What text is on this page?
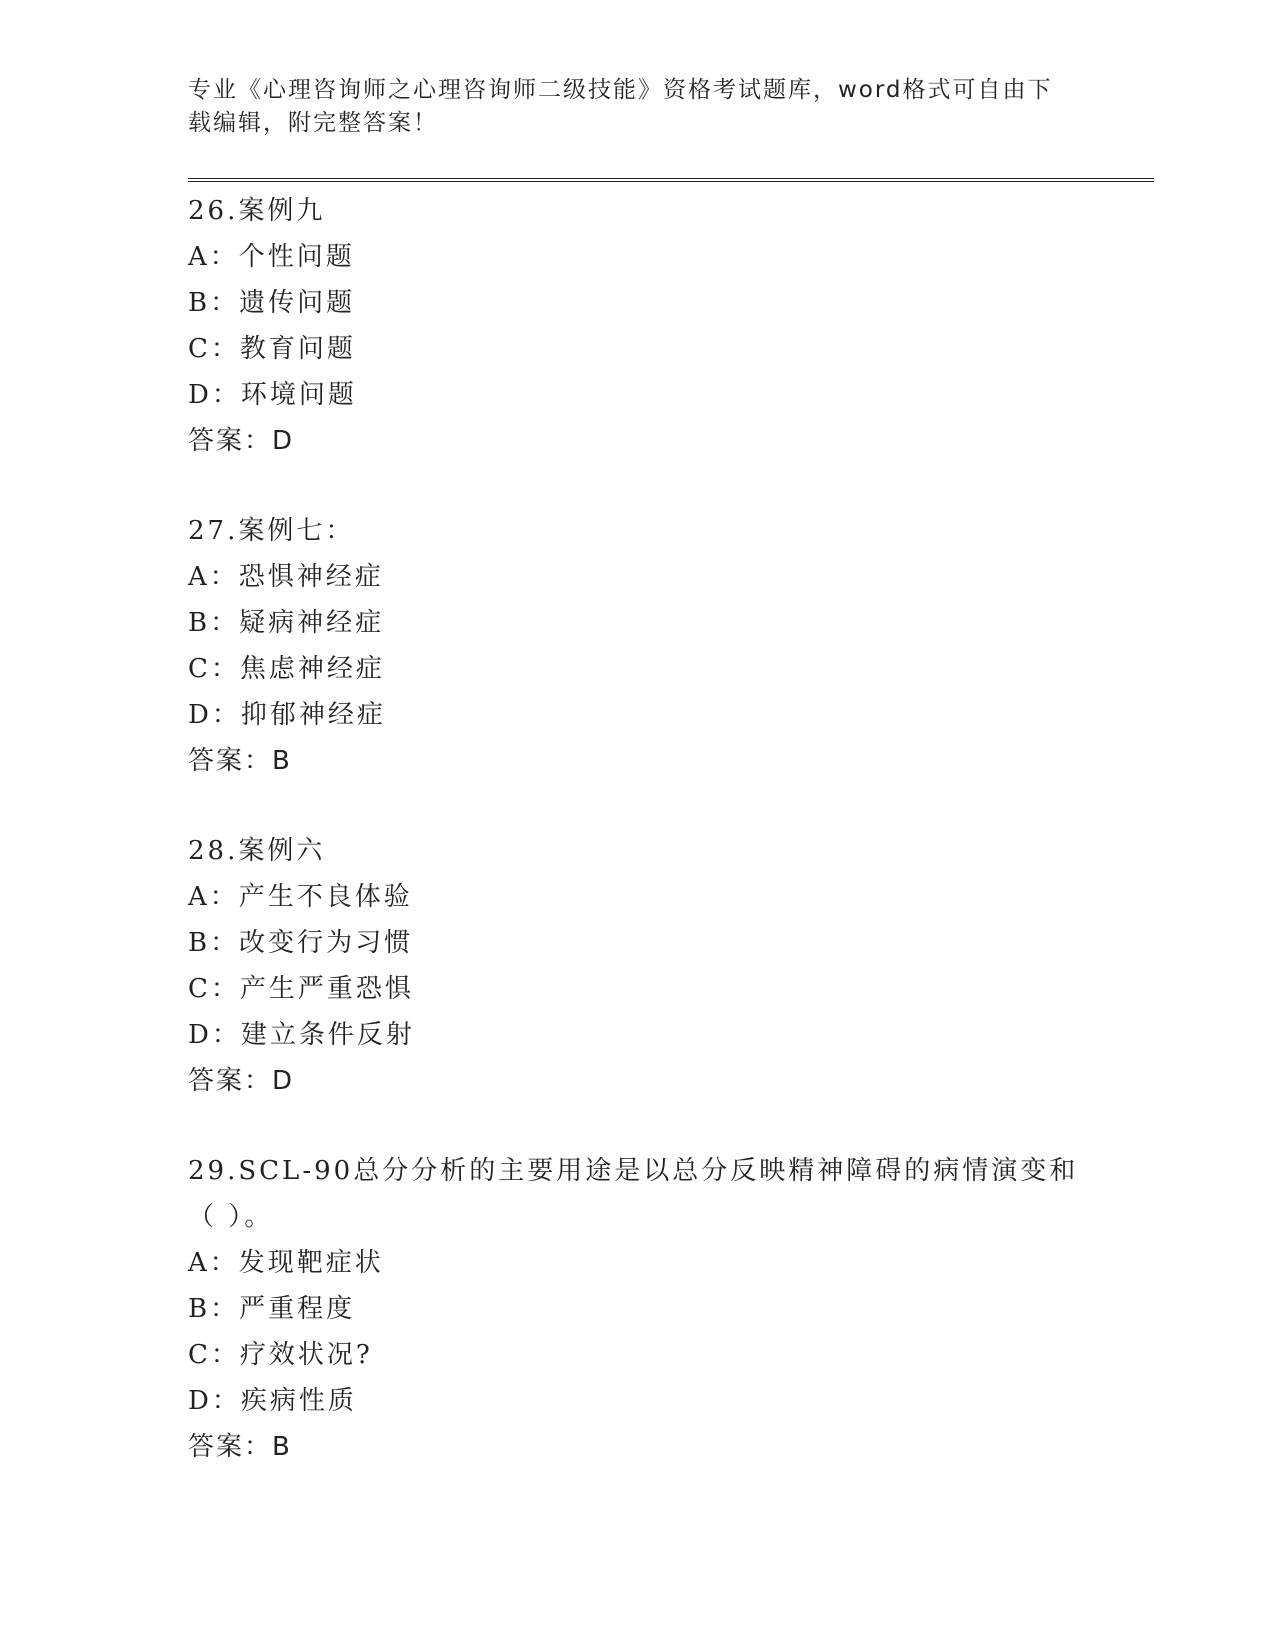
专业《心理咨询师之心理咨询师二级技能》资格考试题库，word格式可自由下载编辑，附完整答案！
26.案例九
A：个性问题
B：遗传问题
C：教育问题
D：环境问题
答案：D
27.案例七：
A：恐惧神经症
B：疑病神经症
C：焦虑神经症
D：抑郁神经症
答案：B
28.案例六
A：产生不良体验
B：改变行为习惯
C：产生严重恐惧
D：建立条件反射
答案：D
29.SCL-90总分分析的主要用途是以总分反映精神障碍的病情演变和（ ）。
A：发现靶症状
B：严重程度
C：疗效状况?
D：疾病性质
答案：B
